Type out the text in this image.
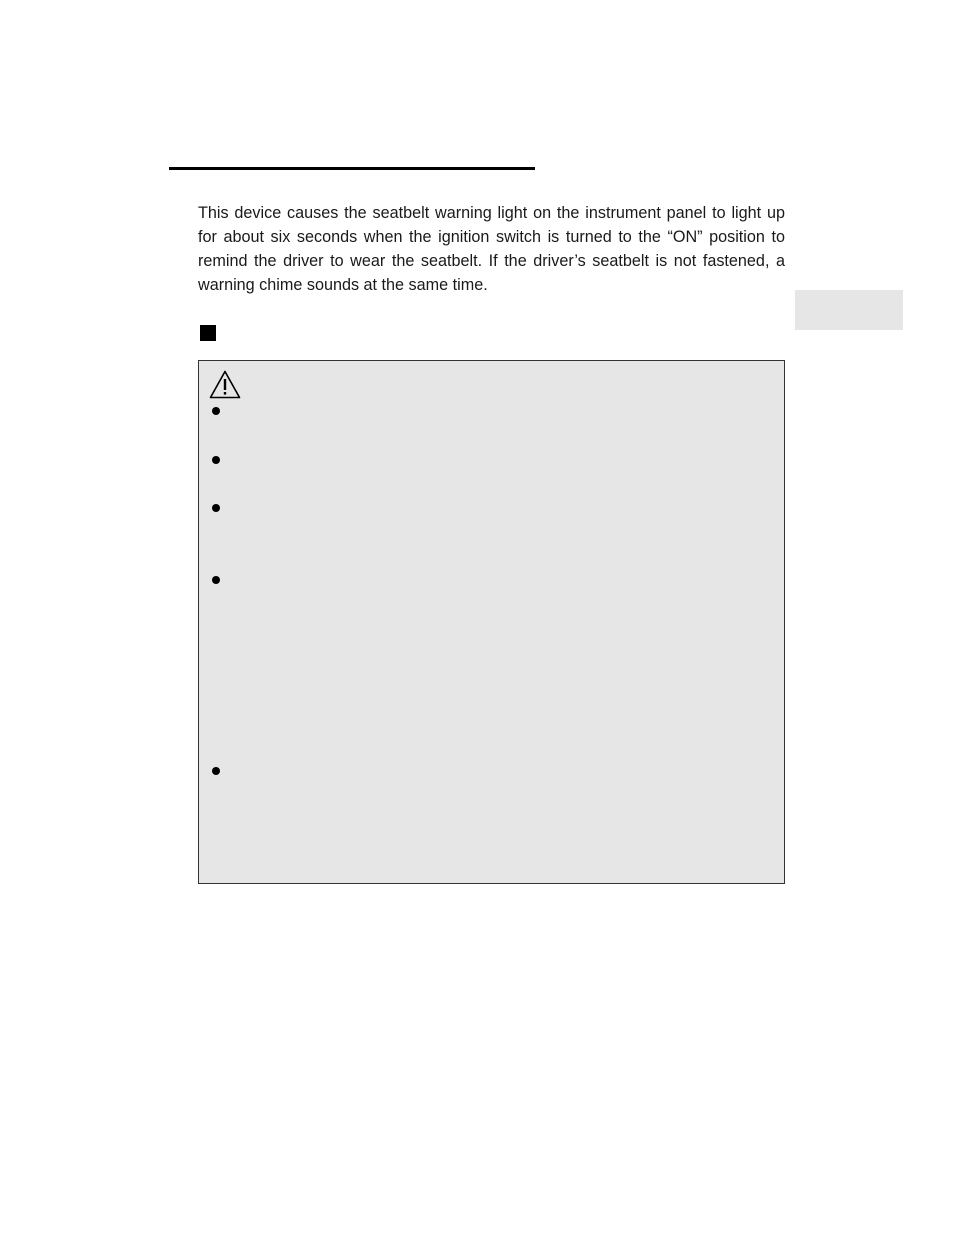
This device causes the seatbelt warning light on the instrument panel to light up for about six seconds when the ignition switch is turned to the “ON” position to remind the driver to wear the seatbelt. If the driver’s seatbelt is not fastened, a warning chime sounds at the same time.
